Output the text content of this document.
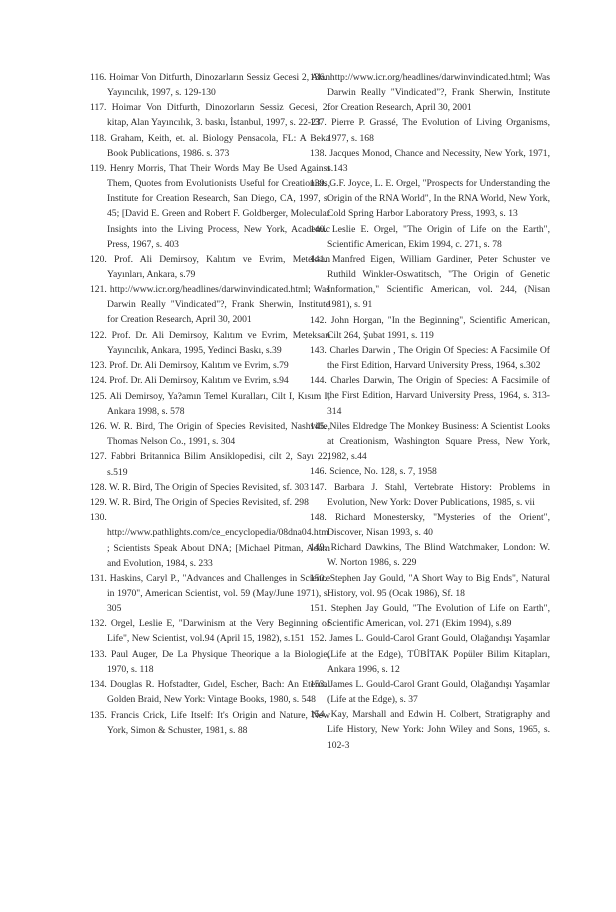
116. Hoimar Von Ditfurth, Dinozarların Sessiz Gecesi 2, Alan Yayıncılık, 1997, s. 129-130

117. Hoimar Von Ditfurth, Dinozorların Sessiz Gecesi, 2. kitap, Alan Yayıncılık, 3. baskı, İstanbul, 1997, s. 22-23

118. Graham, Keith, et. al. Biology Pensacola, FL: A Beka Book Publications, 1986. s. 373

119. Henry Morris, That Their Words May Be Used Against Them, Quotes from Evolutionists Useful for Creationists, Institute for Creation Research, San Diego, CA, 1997, s. 45; [David E. Green and Robert F. Goldberger, Molecular Insights into the Living Process, New York, Academic Press, 1967, s. 403

120. Prof. Ali Demirsoy, Kalıtım ve Evrim, Meteksan Yayınları, Ankara, s.79

121. http://www.icr.org/headlines/darwinvindicated.html; Was Darwin Really "Vindicated"?, Frank Sherwin, Institute for Creation Research, April 30, 2001

122. Prof. Dr. Ali Demirsoy, Kalıtım ve Evrim, Meteksan Yayıncılık, Ankara, 1995, Yedinci Baskı, s.39

123. Prof. Dr. Ali Demirsoy, Kalıtım ve Evrim, s.79

124. Prof. Dr. Ali Demirsoy, Kalıtım ve Evrim, s.94

125. Ali Demirsoy, Ya?amın Temel Kuralları, Cilt I, Kısım I, Ankara 1998, s. 578

126. W. R. Bird, The Origin of Species Revisited, Nashville, Thomas Nelson Co., 1991, s. 304

127. Fabbri Britannica Bilim Ansiklopedisi, cilt 2, Sayı 22, s.519

128. W. R. Bird, The Origin of Species Revisited, sf. 303

129. W. R. Bird, The Origin of Species Revisited, sf. 298

130. http://www.pathlights.com/ce_encyclopedia/08dna04.htm; Scientists Speak About DNA; [Michael Pitman, Adam and Evolution, 1984, s. 233

131. Haskins, Caryl P., "Advances and Challenges in Science in 1970", American Scientist, vol. 59 (May/June 1971), s. 305

132. Orgel, Leslie E, "Darwinism at the Very Beginning of Life", New Scientist, vol.94 (April 15, 1982), s.151

133. Paul Auger, De La Physique Theorique a la Biologie, 1970, s. 118

134. Douglas R. Hofstadter, Gıdel, Escher, Bach: An Eternal Golden Braid, New York: Vintage Books, 1980, s. 548

135. Francis Crick, Life Itself: It's Origin and Nature, New York, Simon & Schuster, 1981, s. 88

136. http://www.icr.org/headlines/darwinvindicated.html; Was Darwin Really "Vindicated"?, Frank Sherwin, Institute for Creation Research, April 30, 2001

137. Pierre P. Grassé, The Evolution of Living Organisms, 1977, s. 168

138. Jacques Monod, Chance and Necessity, New York, 1971, s.143

139. G.F. Joyce, L. E. Orgel, "Prospects for Understanding the Origin of the RNA World", In the RNA World, New York, Cold Spring Harbor Laboratory Press, 1993, s. 13

140. Leslie E. Orgel, "The Origin of Life on the Earth", Scientific American, Ekim 1994, c. 271, s. 78

141. Manfred Eigen, William Gardiner, Peter Schuster ve Ruthild Winkler-Oswatitsch, "The Origin of Genetic Information," Scientific American, vol. 244, (Nisan 1981), s. 91

142. John Horgan, "In the Beginning", Scientific American, Cilt 264, Şubat 1991, s. 119

143. Charles Darwin , The Origin Of Species: A Facsimile Of the First Edition, Harvard University Press, 1964, s.302

144. Charles Darwin, The Origin of Species: A Facsimile of the First Edition, Harvard University Press, 1964, s. 313-314

145. Niles Eldredge The Monkey Business: A Scientist Looks at Creationism, Washington Square Press, New York, 1982, s.44

146. Science, No. 128, s. 7, 1958

147. Barbara J. Stahl, Vertebrate History: Problems in Evolution, New York: Dover Publications, 1985, s. vii

148. Richard Monestersky, "Mysteries of the Orient", Discover, Nisan 1993, s. 40

149. Richard Dawkins, The Blind Watchmaker, London: W. W. Norton 1986, s. 229

150. Stephen Jay Gould, "A Short Way to Big Ends", Natural History, vol. 95 (Ocak 1986), Sf. 18

151. Stephen Jay Gould, "The Evolution of Life on Earth", Scientific American, vol. 271 (Ekim 1994), s.89

152. James L. Gould-Carol Grant Gould, Olağandışı Yaşamlar (Life at the Edge), TÜBİTAK Popüler Bilim Kitapları, Ankara 1996, s. 12

153. James L. Gould-Carol Grant Gould, Olağandışı Yaşamlar (Life at the Edge), s. 37

154. Kay, Marshall and Edwin H. Colbert, Stratigraphy and Life History, New York: John Wiley and Sons, 1965, s. 102-3
